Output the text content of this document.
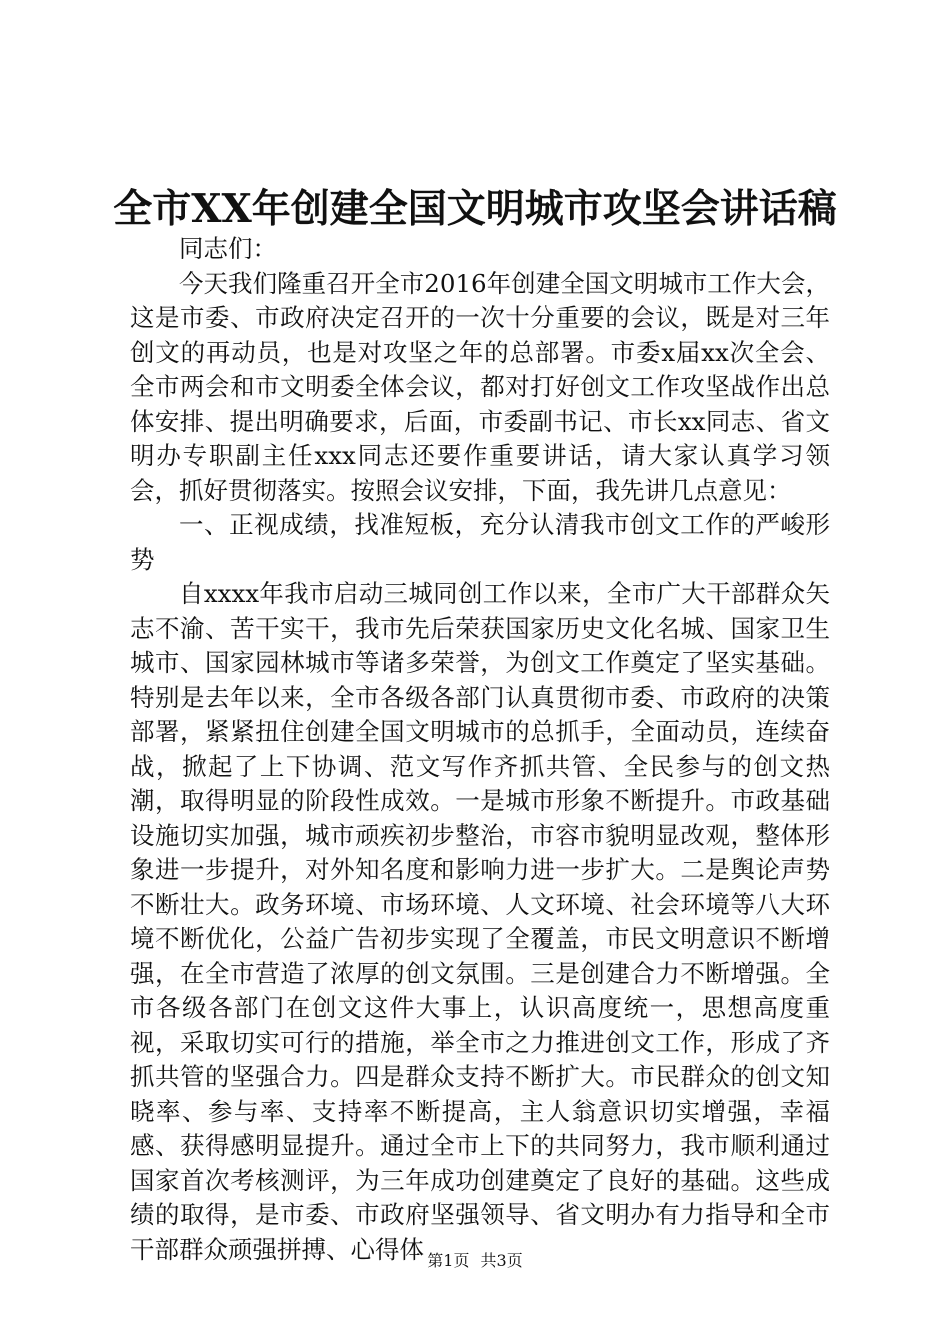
全市XX年创建全国文明城市攻坚会讲话稿

同志们：

今天我们隆重召开全市2016年创建全国文明城市工作大会，这是市委、市政府决定召开的一次十分重要的会议，既是对三年创文的再动员，也是对攻坚之年的总部署。市委x届xx次全会、全市两会和市文明委全体会议，都对打好创文工作攻坚战作出总体安排、提出明确要求，后面，市委副书记、市长xx同志、省文明办专职副主任xxx同志还要作重要讲话，请大家认真学习领会，抓好贯彻落实。按照会议安排，下面，我先讲几点意见：

一、正视成绩，找准短板，充分认清我市创文工作的严峻形势

自xxxx年我市启动三城同创工作以来，全市广大干部群众矢志不渝、苦干实干，我市先后荣获国家历史文化名城、国家卫生城市、国家园林城市等诸多荣誉，为创文工作奠定了坚实基础。特别是去年以来，全市各级各部门认真贯彻市委、市政府的决策部署，紧紧扭住创建全国文明城市的总抓手，全面动员，连续奋战，掀起了上下协调、范文写作齐抓共管、全民参与的创文热潮，取得明显的阶段性成效。一是城市形象不断提升。市政基础设施切实加强，城市顽疾初步整治，市容市貌明显改观，整体形象进一步提升，对外知名度和影响力进一步扩大。二是舆论声势不断壮大。政务环境、市场环境、人文环境、社会环境等八大环境不断优化，公益广告初步实现了全覆盖，市民文明意识不断增强，在全市营造了浓厚的创文氛围。三是创建合力不断增强。全市各级各部门在创文这件大事上，认识高度统一，思想高度重视，采取切实可行的措施，举全市之力推进创文工作，形成了齐抓共管的坚强合力。四是群众支持不断扩大。市民群众的创文知晓率、参与率、支持率不断提高，主人翁意识切实增强，幸福感、获得感明显提升。通过全市上下的共同努力，我市顺利通过国家首次考核测评，为三年成功创建奠定了良好的基础。这些成绩的取得，是市委、市政府坚强领导、省文明办有力指导和全市干部群众顽强拼搏、心得体 第1页 共3页
